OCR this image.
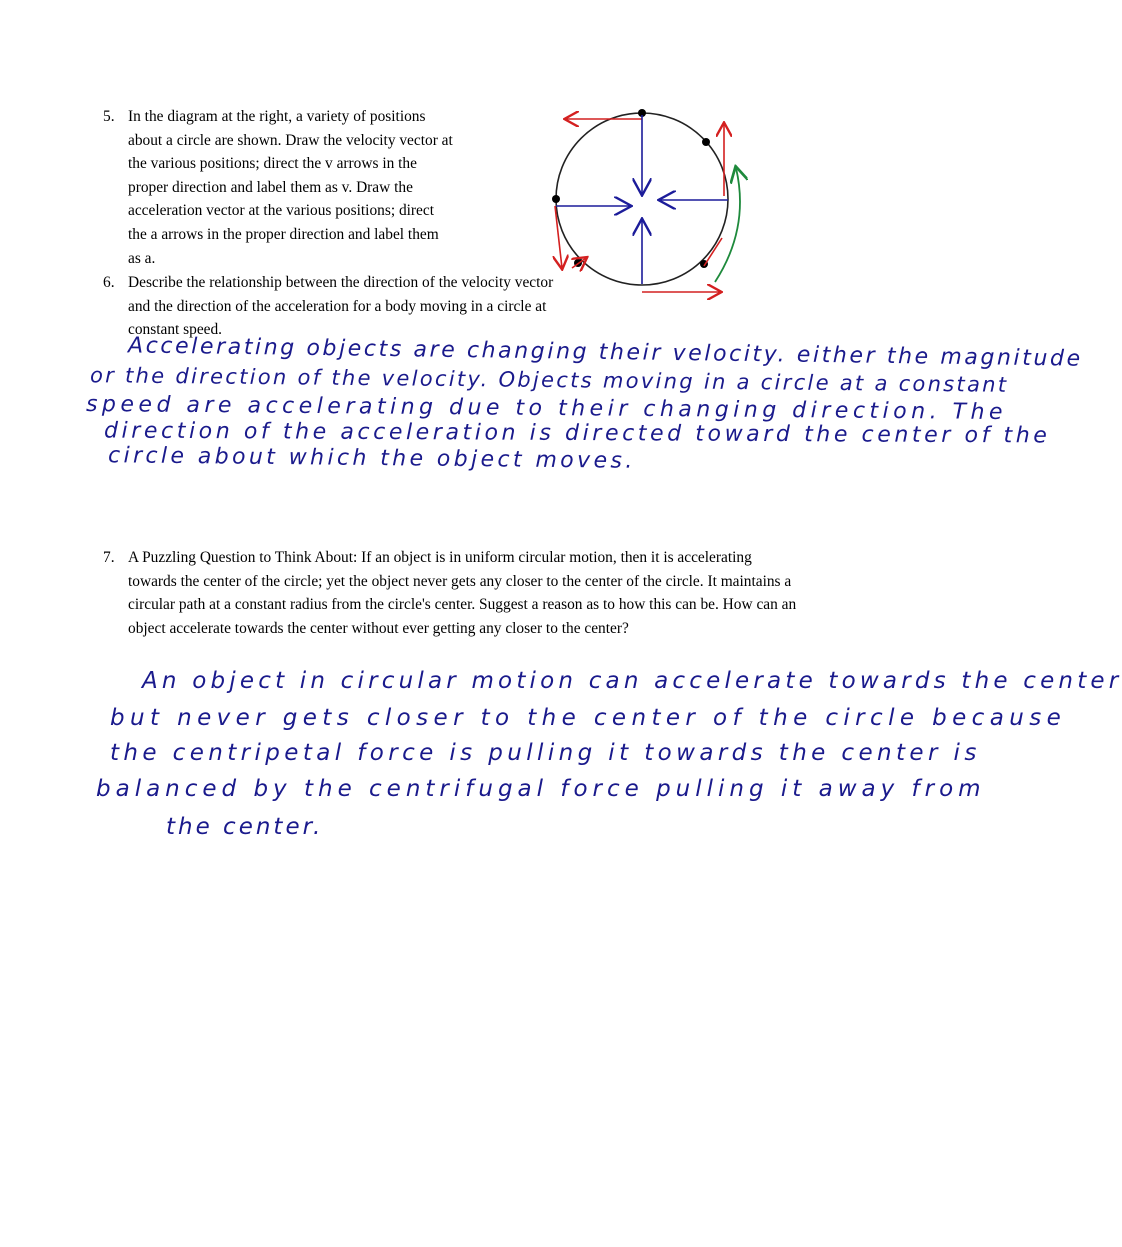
5. In the diagram at the right, a variety of positions about a circle are shown. Draw the velocity vector at the various positions; direct the v arrows in the proper direction and label them as v. Draw the acceleration vector at the various positions; direct the a arrows in the proper direction and label them as a.
6. Describe the relationship between the direction of the velocity vector and the direction of the acceleration for a body moving in a circle at constant speed.
Accelerating objects are changing their velocity. either the magnitude
or the direction of the velocity. Objects moving in a circle at a constant
speed are accelerating due to their changing direction. The
direction of the acceleration is directed toward the center of the
circle about which the object moves.
7. A Puzzling Question to Think About: If an object is in uniform circular motion, then it is accelerating towards the center of the circle; yet the object never gets any closer to the center of the circle. It maintains a circular path at a constant radius from the circle's center. Suggest a reason as to how this can be. How can an object accelerate towards the center without ever getting any closer to the center?
An object in circular motion can accelerate towards the center
but never gets closer to the center of the circle because
the centripetal force is pulling it towards the center is
balanced by the centrifugal force pulling it away from
the center.
